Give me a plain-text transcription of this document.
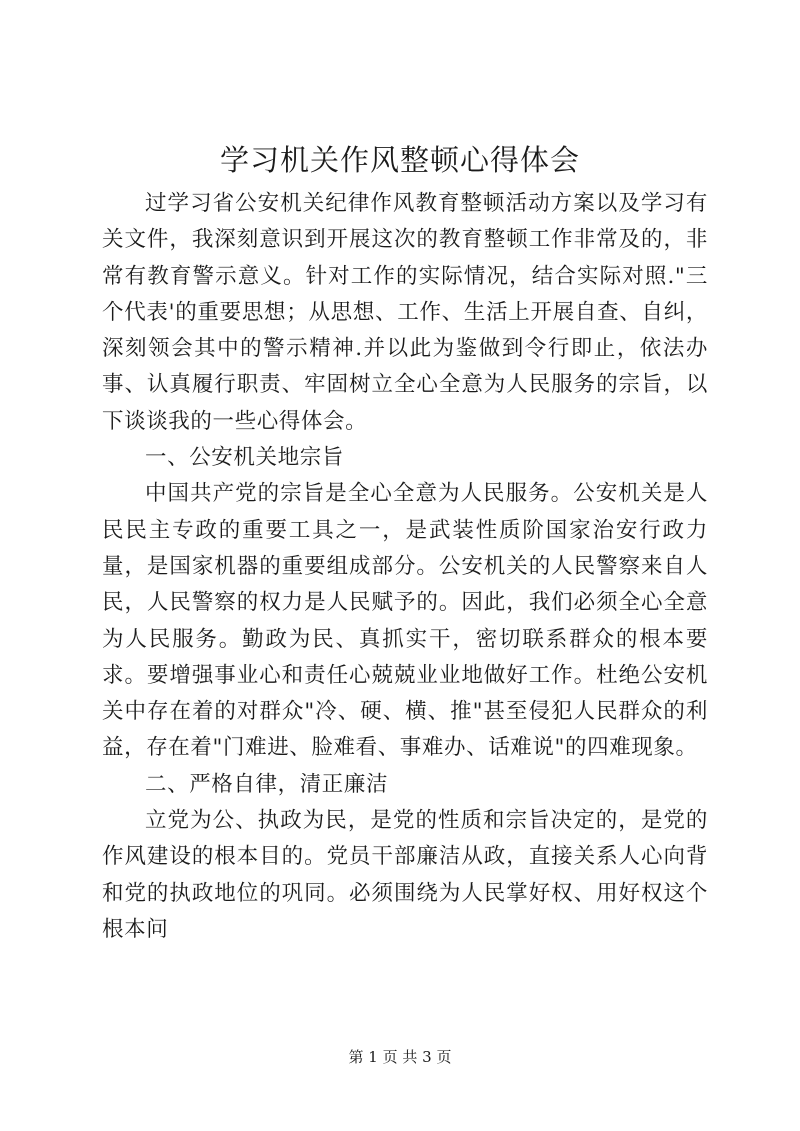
学习机关作风整顿心得体会

过学习省公安机关纪律作风教育整顿活动方案以及学习有关文件，我深刻意识到开展这次的教育整顿工作非常及的，非常有教育警示意义。针对工作的实际情况，结合实际对照."三个代表'的重要思想；从思想、工作、生活上开展自查、自纠，深刻领会其中的警示精神.并以此为鉴做到令行即止，依法办事、认真履行职责、牢固树立全心全意为人民服务的宗旨，以下谈谈我的一些心得体会。

一、公安机关地宗旨

中国共产党的宗旨是全心全意为人民服务。公安机关是人民民主专政的重要工具之一，是武装性质阶国家治安行政力量，是国家机器的重要组成部分。公安机关的人民警察来自人民，人民警察的权力是人民赋予的。因此，我们必须全心全意为人民服务。勤政为民、真抓实干，密切联系群众的根本要求。要增强事业心和责任心兢兢业业地做好工作。杜绝公安机关中存在着的对群众"冷、硬、横、推"甚至侵犯人民群众的利益，存在着"门难进、脸难看、事难办、话难说"的四难现象。

二、严格自律，清正廉洁

立党为公、执政为民，是党的性质和宗旨决定的，是党的作风建设的根本目的。党员干部廉洁从政，直接关系人心向背和党的执政地位的巩同。必须围绕为人民掌好权、用好权这个根本问

第 1 页 共 3 页
